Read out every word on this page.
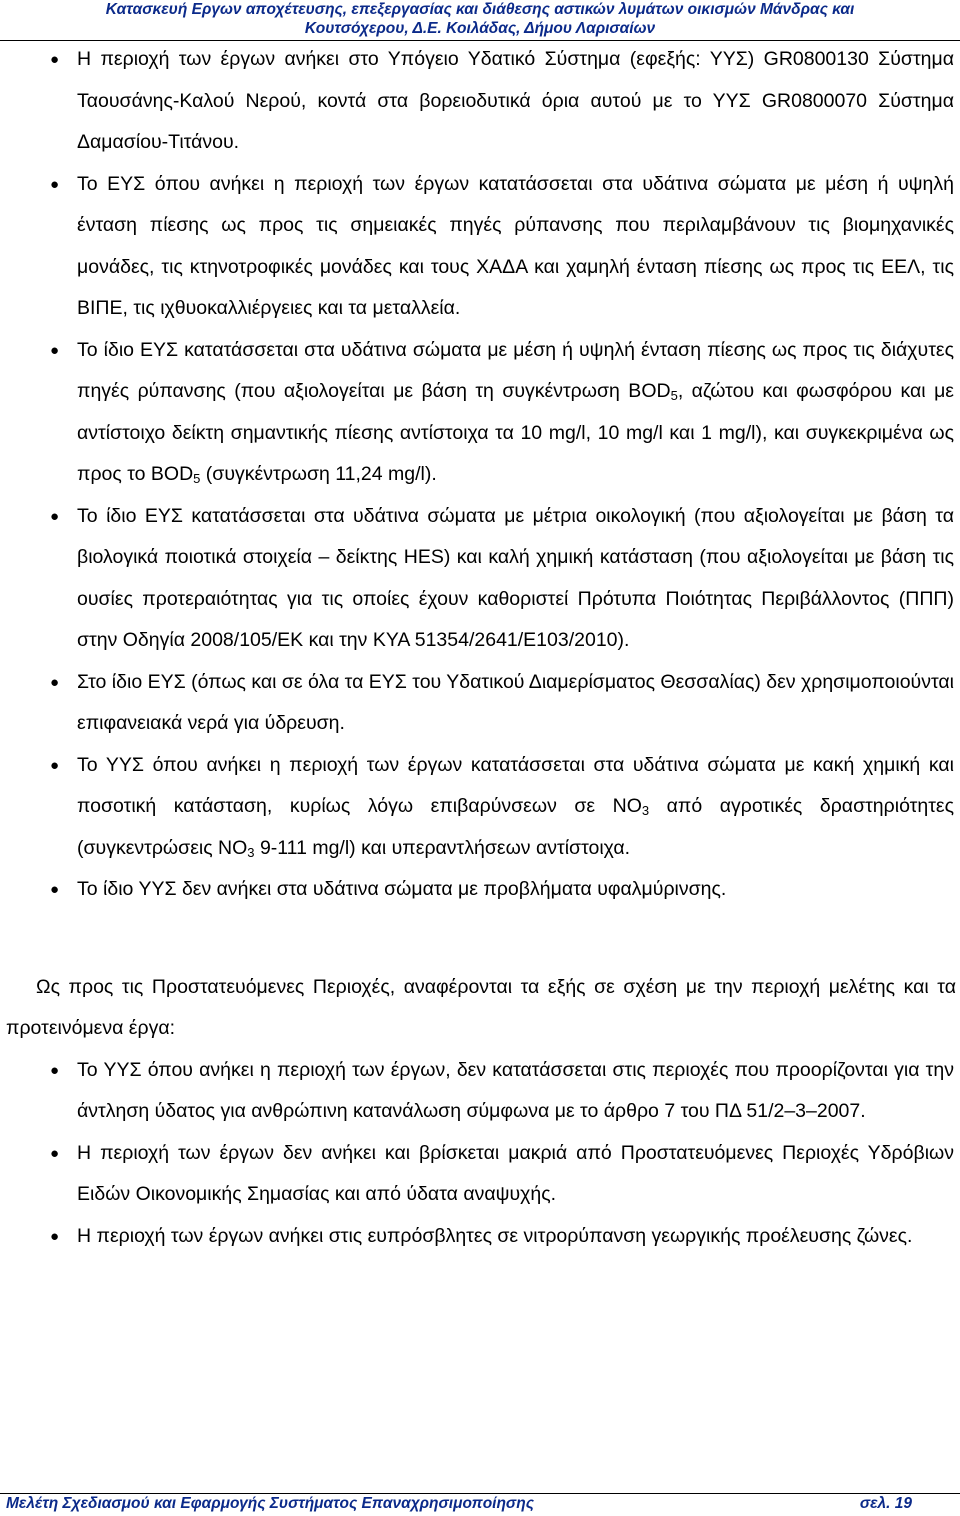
Κατασκευή Εργων αποχέτευσης, επεξεργασίας και διάθεσης αστικών λυμάτων οικισμών Μάνδρας και
Κουτσόχερου, Δ.Ε. Κοιλάδας, Δήμου Λαρισαίων
● Η περιοχή των έργων ανήκει στο Υπόγειο Υδατικό Σύστημα (εφεξής: ΥΥΣ) GR0800130 Σύστημα Ταουσάνης-Καλού Νερού, κοντά στα βορειοδυτικά όρια αυτού με το ΥΥΣ GR0800070 Σύστημα Δαμασίου-Τιτάνου.
● Το ΕΥΣ όπου ανήκει η περιοχή των έργων κατατάσσεται στα υδάτινα σώματα με μέση ή υψηλή ένταση πίεσης ως προς τις σημειακές πηγές ρύπανσης που περιλαμβάνουν τις βιομηχανικές μονάδες, τις κτηνοτροφικές μονάδες και τους ΧΑΔΑ και χαμηλή ένταση πίεσης ως προς τις ΕΕΛ, τις ΒΙΠΕ, τις ιχθυοκαλλιέργειες και τα μεταλλεία.
● Το ίδιο ΕΥΣ κατατάσσεται στα υδάτινα σώματα με μέση ή υψηλή ένταση πίεσης ως προς τις διάχυτες πηγές ρύπανσης (που αξιολογείται με βάση τη συγκέντρωση $BOD_5$, αζώτου και φωσφόρου και με αντίστοιχο δείκτη σημαντικής πίεσης αντίστοιχα τα 10 mg/l, 10 mg/l και 1 mg/l), και συγκεκριμένα ως προς το $BOD_5$ (συγκέντρωση 11,24 mg/l).
● Το ίδιο ΕΥΣ κατατάσσεται στα υδάτινα σώματα με μέτρια οικολογική (που αξιολογείται με βάση τα βιολογικά ποιοτικά στοιχεία – δείκτης HES) και καλή χημική κατάσταση (που αξιολογείται με βάση τις ουσίες προτεραιότητας για τις οποίες έχουν καθοριστεί Πρότυπα Ποιότητας Περιβάλλοντος (ΠΠΠ) στην Οδηγία 2008/105/ΕΚ και την ΚΥΑ 51354/2641/Ε103/2010).
● Στο ίδιο ΕΥΣ (όπως και σε όλα τα ΕΥΣ του Υδατικού Διαμερίσματος Θεσσαλίας) δεν χρησιμοποιούνται επιφανειακά νερά για ύδρευση.
● Το ΥΥΣ όπου ανήκει η περιοχή των έργων κατατάσσεται στα υδάτινα σώματα με κακή χημική και ποσοτική κατάσταση, κυρίως λόγω επιβαρύνσεων σε $NO_3$ από αγροτικές δραστηριότητες (συγκεντρώσεις $NO_3$ 9-111 mg/l) και υπεραντλήσεων αντίστοιχα.
● Το ίδιο ΥΥΣ δεν ανήκει στα υδάτινα σώματα με προβλήματα υφαλμύρινσης.

Ως προς τις Προστατευόμενες Περιοχές, αναφέρονται τα εξής σε σχέση με την περιοχή μελέτης και τα προτεινόμενα έργα:

● Το ΥΥΣ όπου ανήκει η περιοχή των έργων, δεν κατατάσσεται στις περιοχές που προορίζονται για την άντληση ύδατος για ανθρώπινη κατανάλωση σύμφωνα με το άρθρο 7 του ΠΔ 51/2–3–2007.
● Η περιοχή των έργων δεν ανήκει και βρίσκεται μακριά από Προστατευόμενες Περιοχές Υδρόβιων Ειδών Οικονομικής Σημασίας και από ύδατα αναψυχής.
● Η περιοχή των έργων ανήκει στις ευπρόσβλητες σε νιτρορύπανση γεωργικής προέλευσης ζώνες.
Μελέτη Σχεδιασμού και Εφαρμογής Συστήματος Επαναχρησιμοποίησης	σελ. 19
